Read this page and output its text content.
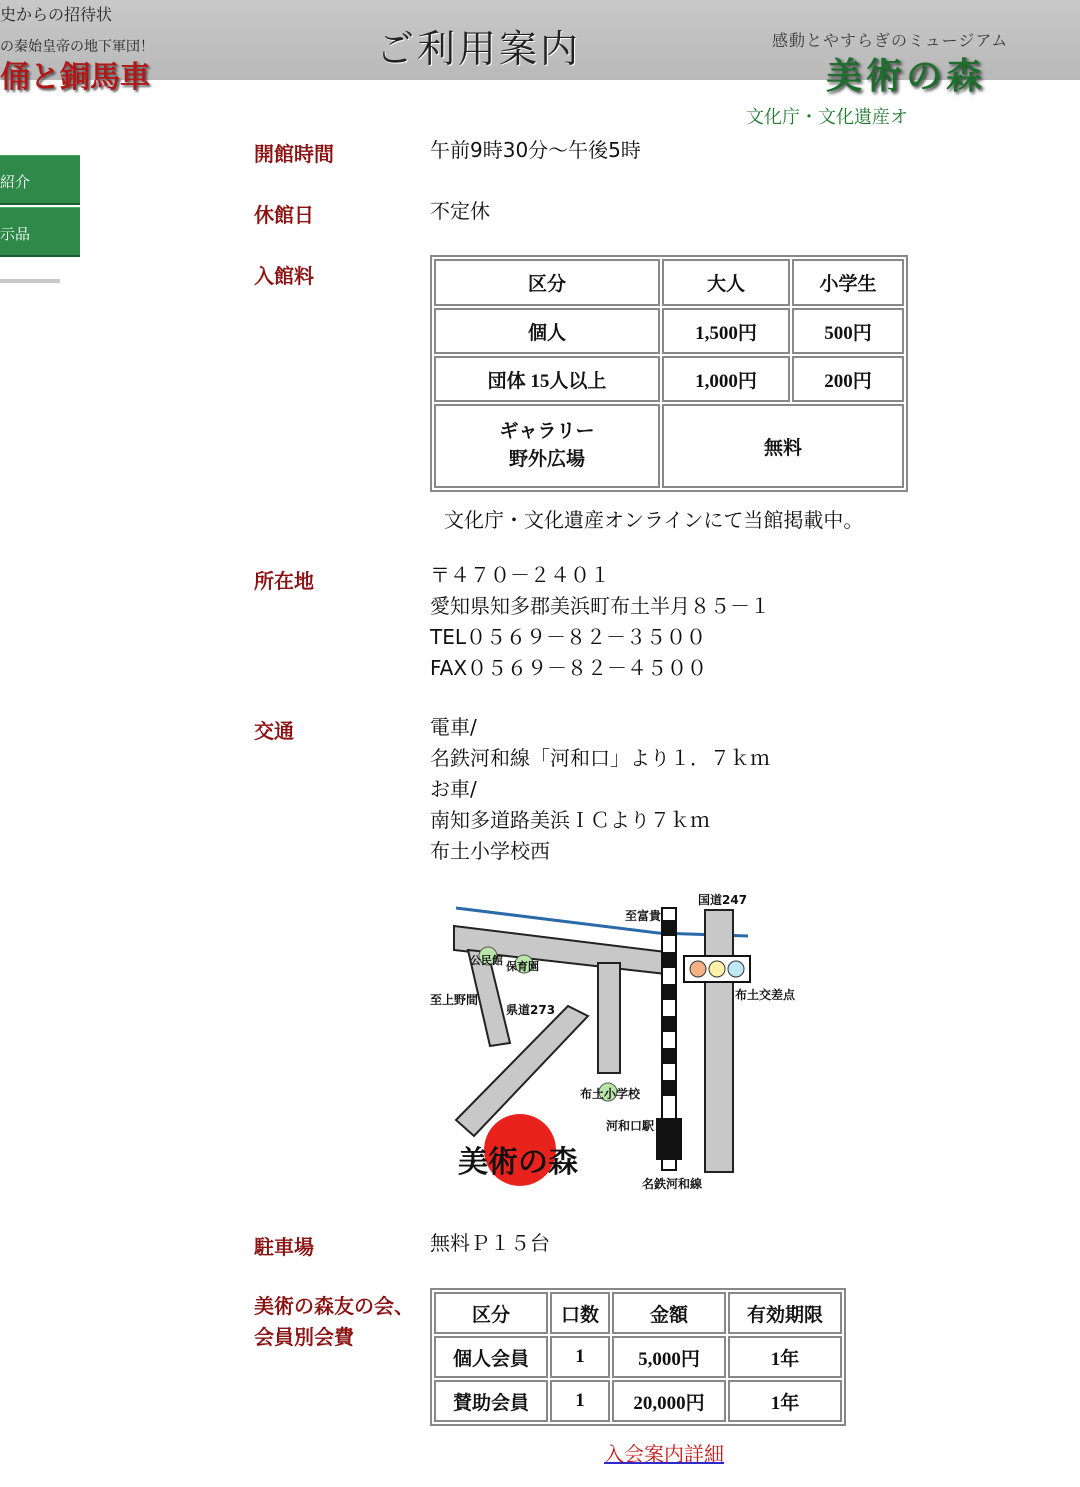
史からの招待状
の秦始皇帝の地下軍団！
俑と銅馬車
ご利用案内	感動とやすらぎのミュージアム
美術の森
文化庁・文化遺産オ
紹介
示品
開館時間	午前9時30分〜午後5時
休館日	不定休
入館料	区分	大人	小学生
個人	1,500円	500円
団体 15人以上	1,000円	200円

ギャラリー
野外広場	無料	
文化庁・文化遺産オンラインにて当館掲載中。
所在地	〒４７０－２４０１
愛知県知多郡美浜町布土半月８５－１
TEL０５６９－８２－３５００
FAX０５６９－８２－４５００
交通	電車/
名鉄河和線「河和口」より１．７ｋｍ
お車/
南知多道路美浜ＩＣより７ｋｍ
布土小学校西
至富貴
国道247
公民館 保育園
至上野間
県道273
布土交差点
布土小学校
河和口駅
名鉄河和線
美術の森
駐車場	無料Ｐ１５台
美術の森友の会、
会員別会費
区分	口数	金額	有効期限
個人会員	1	5,000円	1年
賛助会員	1	20,000円	1年
入会案内詳細
